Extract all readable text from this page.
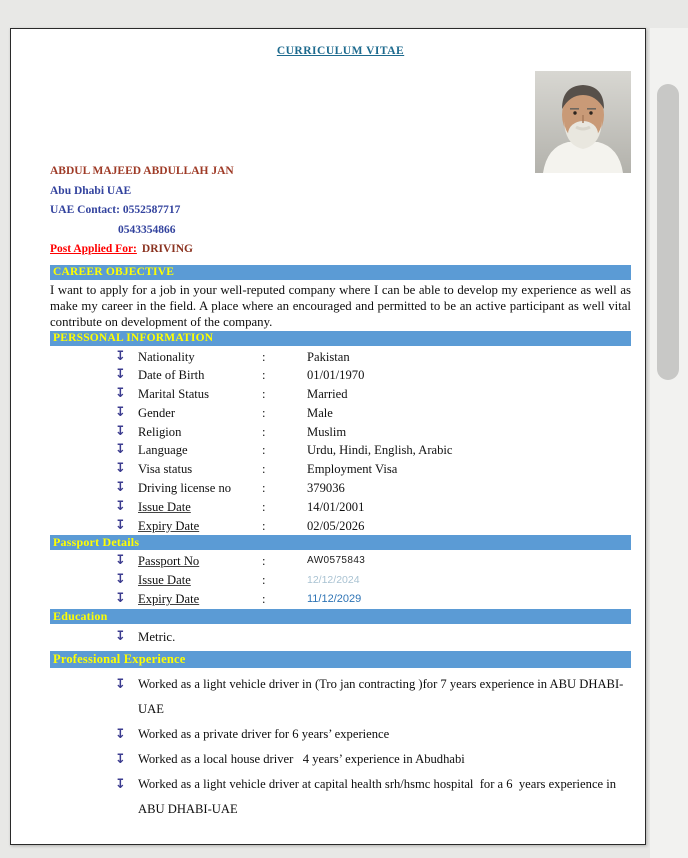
CURRICULUM VITAE
ABDUL MAJEED ABDULLAH JAN
Abu Dhabi UAE
UAE Contact: 0552587717
0543354866
Post Applied For: DRIVING
CAREER OBJECTIVE
I want to apply for a job in your well-reputed company where I can be able to develop my experience as well as make my career in the field. A place where an encouraged and permitted to be an active participant as well vital contribute on development of the company.
PERSSONAL INFORMATION
↧ Nationality	:	Pakistan
↧ Date of Birth	:	01/01/1970
↧ Marital Status	:	Married
↧ Gender	:	Male
↧ Religion	:	Muslim
↧ Language	:	Urdu, Hindi, English, Arabic
↧ Visa status	:	Employment Visa
↧ Driving license no	:	379036
↧ Issue Date	:	14/01/2001
↧ Expiry Date	:	02/05/2026
Passport Details
↧ Passport No	:	AW0575843
↧ Issue Date	:	12/12/2024
↧ Expiry Date	:	11/12/2029
Education
↧ Metric.
Professional Experience
↧ Worked as a light vehicle driver in (Tro jan contracting )for 7 years experience in ABU DHABI-UAE
↧ Worked as a private driver for 6 years’ experience
↧ Worked as a local house driver   4 years’ experience in Abudhabi
↧ Worked as a light vehicle driver at capital health srh/hsmc hospital  for a 6  years experience in ABU DHABI-UAE
